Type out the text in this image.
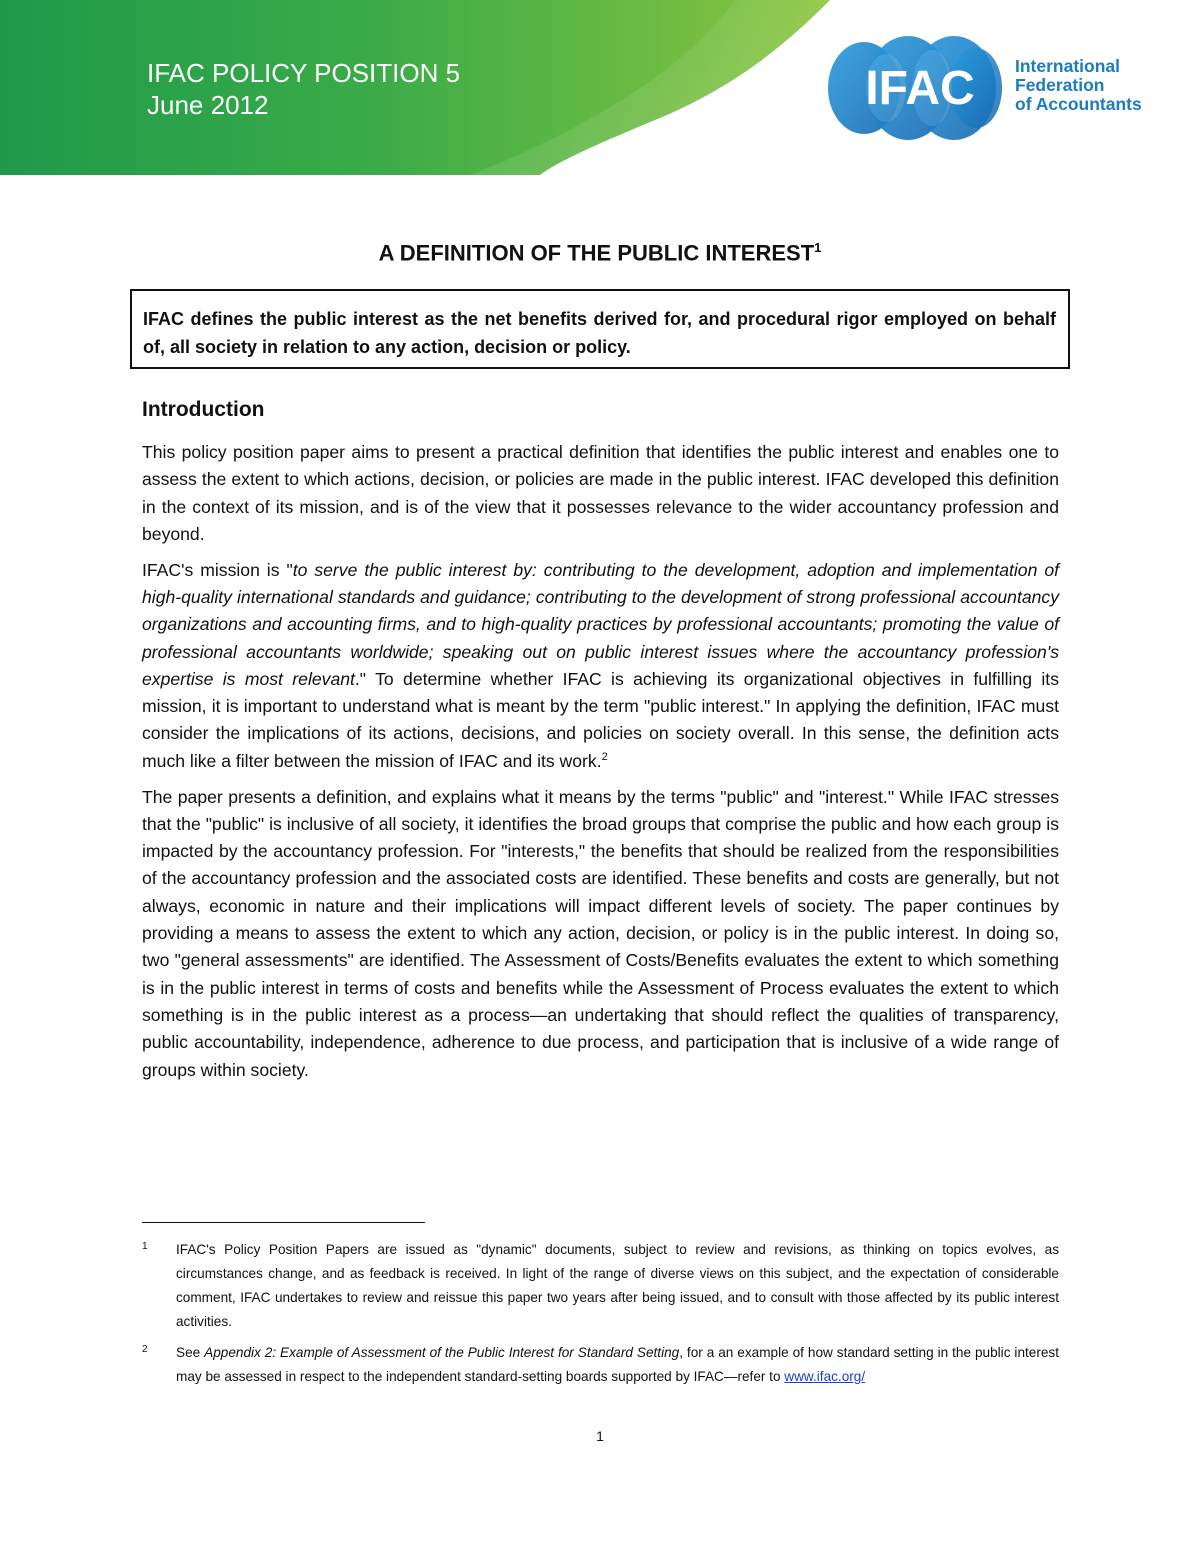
IFAC POLICY POSITION 5
June 2012	IFAC International
Federation
of Accountants
A DEFINITION OF THE PUBLIC INTEREST$^1$
IFAC defines the public interest as the net benefits derived for, and procedural rigor employed on behalf of, all society in relation to any action, decision or policy.
Introduction

This policy position paper aims to present a practical definition that identifies the public interest and enables one to assess the extent to which actions, decision, or policies are made in the public interest. IFAC developed this definition in the context of its mission, and is of the view that it possesses relevance to the wider accountancy profession and beyond.

IFAC's mission is "to serve the public interest by: contributing to the development, adoption and implementation of high-quality international standards and guidance; contributing to the development of strong professional accountancy organizations and accounting firms, and to high-quality practices by professional accountants; promoting the value of professional accountants worldwide; speaking out on public interest issues where the accountancy profession's expertise is most relevant." To determine whether IFAC is achieving its organizational objectives in fulfilling its mission, it is important to understand what is meant by the term "public interest." In applying the definition, IFAC must consider the implications of its actions, decisions, and policies on society overall. In this sense, the definition acts much like a filter between the mission of IFAC and its work.$^2$

The paper presents a definition, and explains what it means by the terms "public" and "interest." While IFAC stresses that the "public" is inclusive of all society, it identifies the broad groups that comprise the public and how each group is impacted by the accountancy profession. For "interests," the benefits that should be realized from the responsibilities of the accountancy profession and the associated costs are identified. These benefits and costs are generally, but not always, economic in nature and their implications will impact different levels of society. The paper continues by providing a means to assess the extent to which any action, decision, or policy is in the public interest. In doing so, two "general assessments" are identified. The Assessment of Costs/Benefits evaluates the extent to which something is in the public interest in terms of costs and benefits while the Assessment of Process evaluates the extent to which something is in the public interest as a process—an undertaking that should reflect the qualities of transparency, public accountability, independence, adherence to due process, and participation that is inclusive of a wide range of groups within society.

1 IFAC's Policy Position Papers are issued as "dynamic" documents, subject to review and revisions, as thinking on topics evolves, as circumstances change, and as feedback is received. In light of the range of diverse views on this subject, and the expectation of considerable comment, IFAC undertakes to review and reissue this paper two years after being issued, and to consult with those affected by its public interest activities.
2 See Appendix 2: Example of Assessment of the Public Interest for Standard Setting, for a an example of how standard setting in the public interest may be assessed in respect to the independent standard-setting boards supported by IFAC—refer to www.ifac.org/
1
